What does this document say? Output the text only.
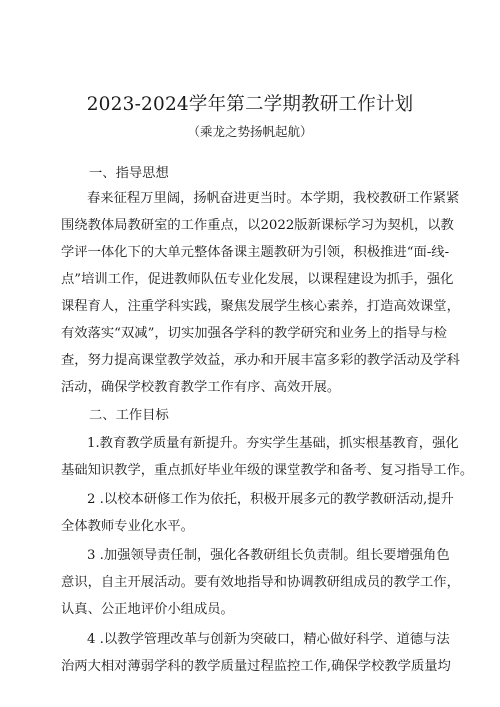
2023-2024学年第二学期教研工作计划
（乘龙之势扬帆起航）
一、指导思想
春来征程万里阔，扬帆奋进更当时。本学期，我校教研工作紧紧
围绕教体局教研室的工作重点，以2022版新课标学习为契机，以教
学评一体化下的大单元整体备课主题教研为引领，积极推进“面-线-
点”培训工作，促进教师队伍专业化发展，以课程建设为抓手，强化
课程育人，注重学科实践，聚焦发展学生核心素养，打造高效课堂，
有效落实“双减”，切实加强各学科的教学研究和业务上的指导与检
查，努力提高课堂教学效益，承办和开展丰富多彩的教学活动及学科
活动，确保学校教育教学工作有序、高效开展。
二、工作目标
1.教育教学质量有新提升。夯实学生基础，抓实根基教育，强化
基础知识教学，重点抓好毕业年级的课堂教学和备考、复习指导工作。
2 .以校本研修工作为依托，积极开展多元的教学教研活动,提升
全体教师专业化水平。
3 .加强领导责任制，强化各教研组长负责制。组长要增强角色
意识，自主开展活动。要有效地指导和协调教研组成员的教学工作，
认真、公正地评价小组成员。
4 .以教学管理改革与创新为突破口，精心做好科学、道德与法
治两大相对薄弱学科的教学质量过程监控工作,确保学校教学质量均
